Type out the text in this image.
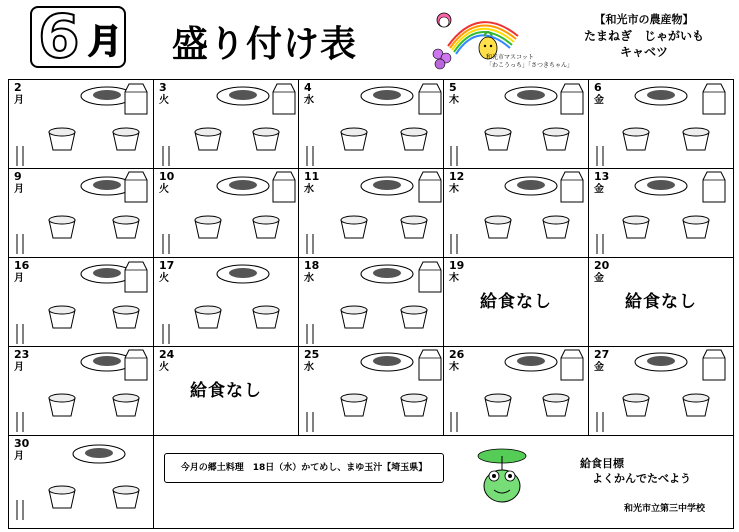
6 月 盛り付け表	和光市マスコット
「わこうっち」「さつきちゃん」
【和光市の農産物】
たまねぎ　じゃがいも
キャベツ
2
月
3
火
4
水
5
木
6
金
9
月
10
火
11
水
12
木
13
金
16
月
17
火
18
水
19
木
給食なし
20
金
給食なし
23
月
24
火
給食なし
25
水
26
木
27
金
30
月
今月の郷土料理　18日（水）かてめし、まゆ玉汁【埼玉県】	給食目標
よくかんでたべよう
和光市立第三中学校
